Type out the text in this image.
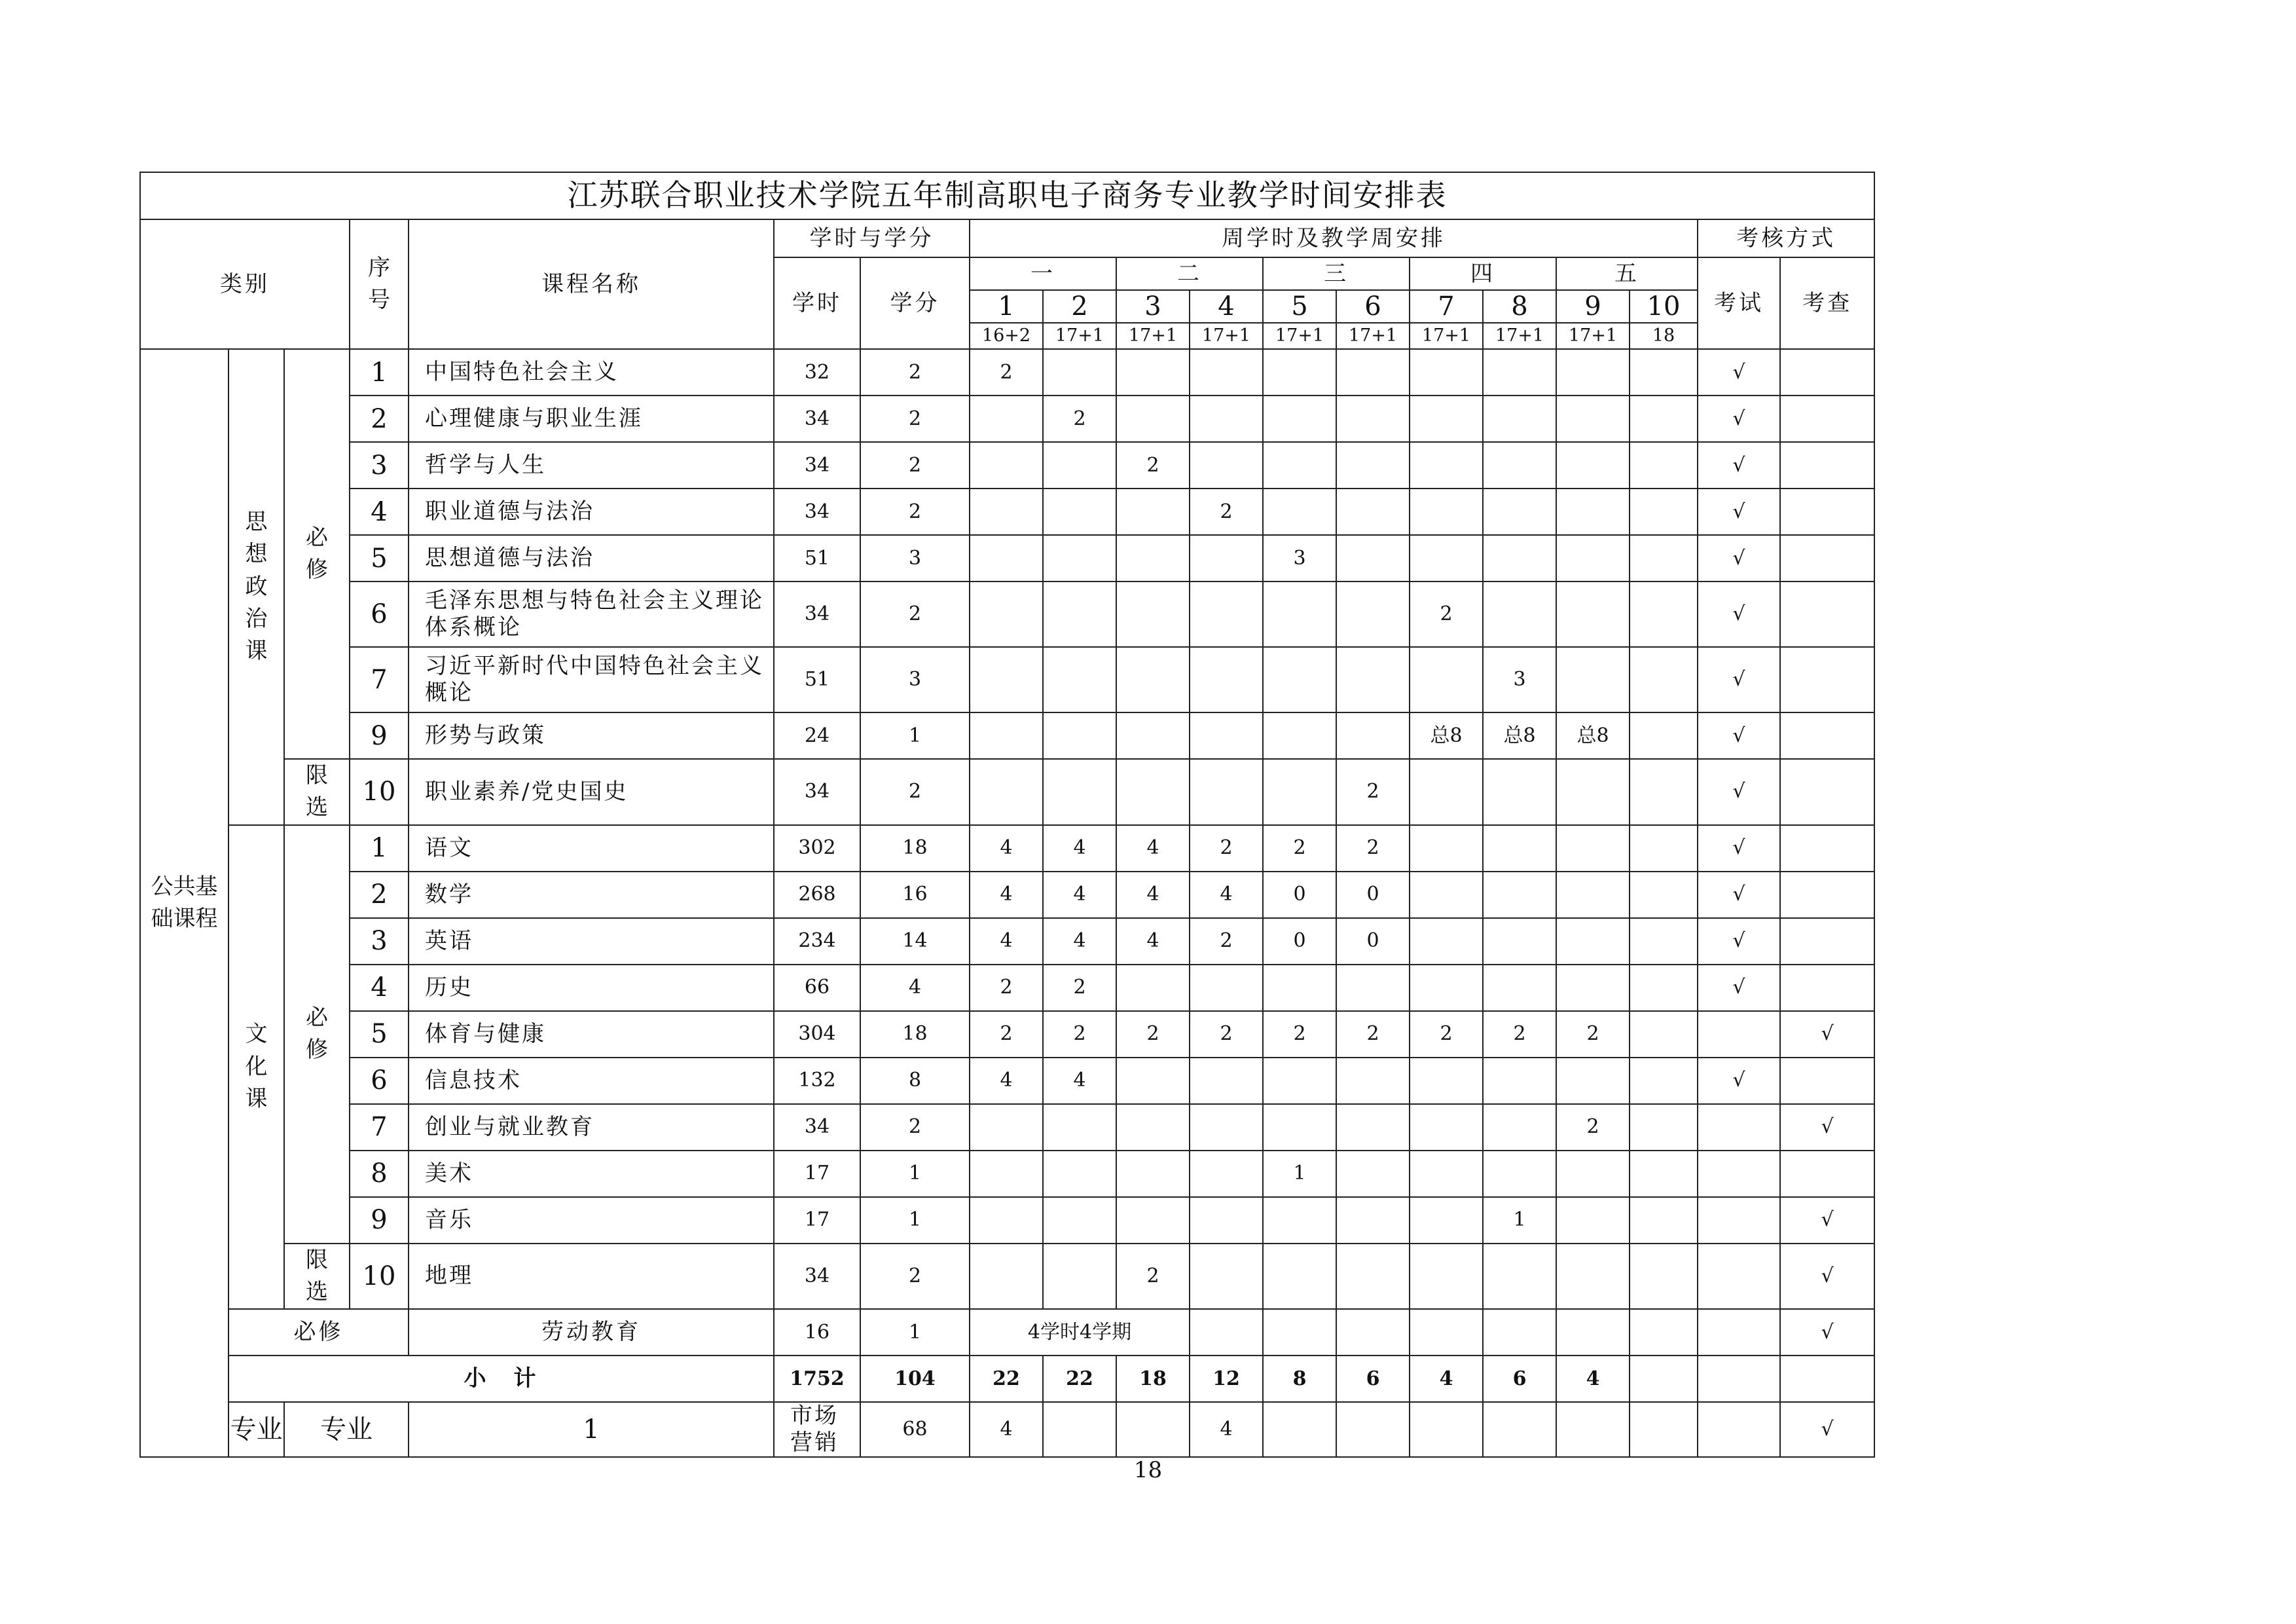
江苏联合职业技术学院五年制高职电子商务专业教学时间安排表																			
类别			序号	课程名称	学时与学分		周学时及教学周安排										考核方式		
					学时	学分	一		二		三		四		五		考试	考查	
							1	2	3	4	5	6	7	8	9	10			
							16+2	17+1	17+1	17+1	17+1	17+1	17+1	17+1	17+1	18			
公共基础课程	思想政治课	必修	1	中国特色社会主义	32	2	2										√		
			2	心理健康与职业生涯	34	2		2									√		
			3	哲学与人生	34	2			2								√		
			4	职业道德与法治	34	2				2							√		
			5	思想道德与法治	51	3					3						√		
			6	毛泽东思想与特色社会主义理论体系概论	34	2							2				√		
			7	习近平新时代中国特色社会主义概论	51	3								3			√		
			9	形势与政策	24	1							总8	总8	总8		√		
		限选	10	职业素养/党史国史	34	2						2					√		
	文化课	必修	1	语文	302	18	4	4	4	2	2	2					√		
			2	数学	268	16	4	4	4	4	0	0					√		
			3	英语	234	14	4	4	4	2	0	0					√		
			4	历史	66	4	2	2									√		
			5	体育与健康	304	18	2	2	2	2	2	2	2	2	2			√	
			6	信息技术	132	8	4	4									√		
			7	创业与就业教育	34	2									2			√	
			8	美术	17	1					1								
			9	音乐	17	1								1				√	
		限选	10	地理	34	2			2									√	
	必修			劳动教育	16	1	4学时4学期											√	
	小　计				1752	104	22	22	18	12	8	6	4	6	4				
	专业	专业		1	市场营销	68	4			4								√	
18
